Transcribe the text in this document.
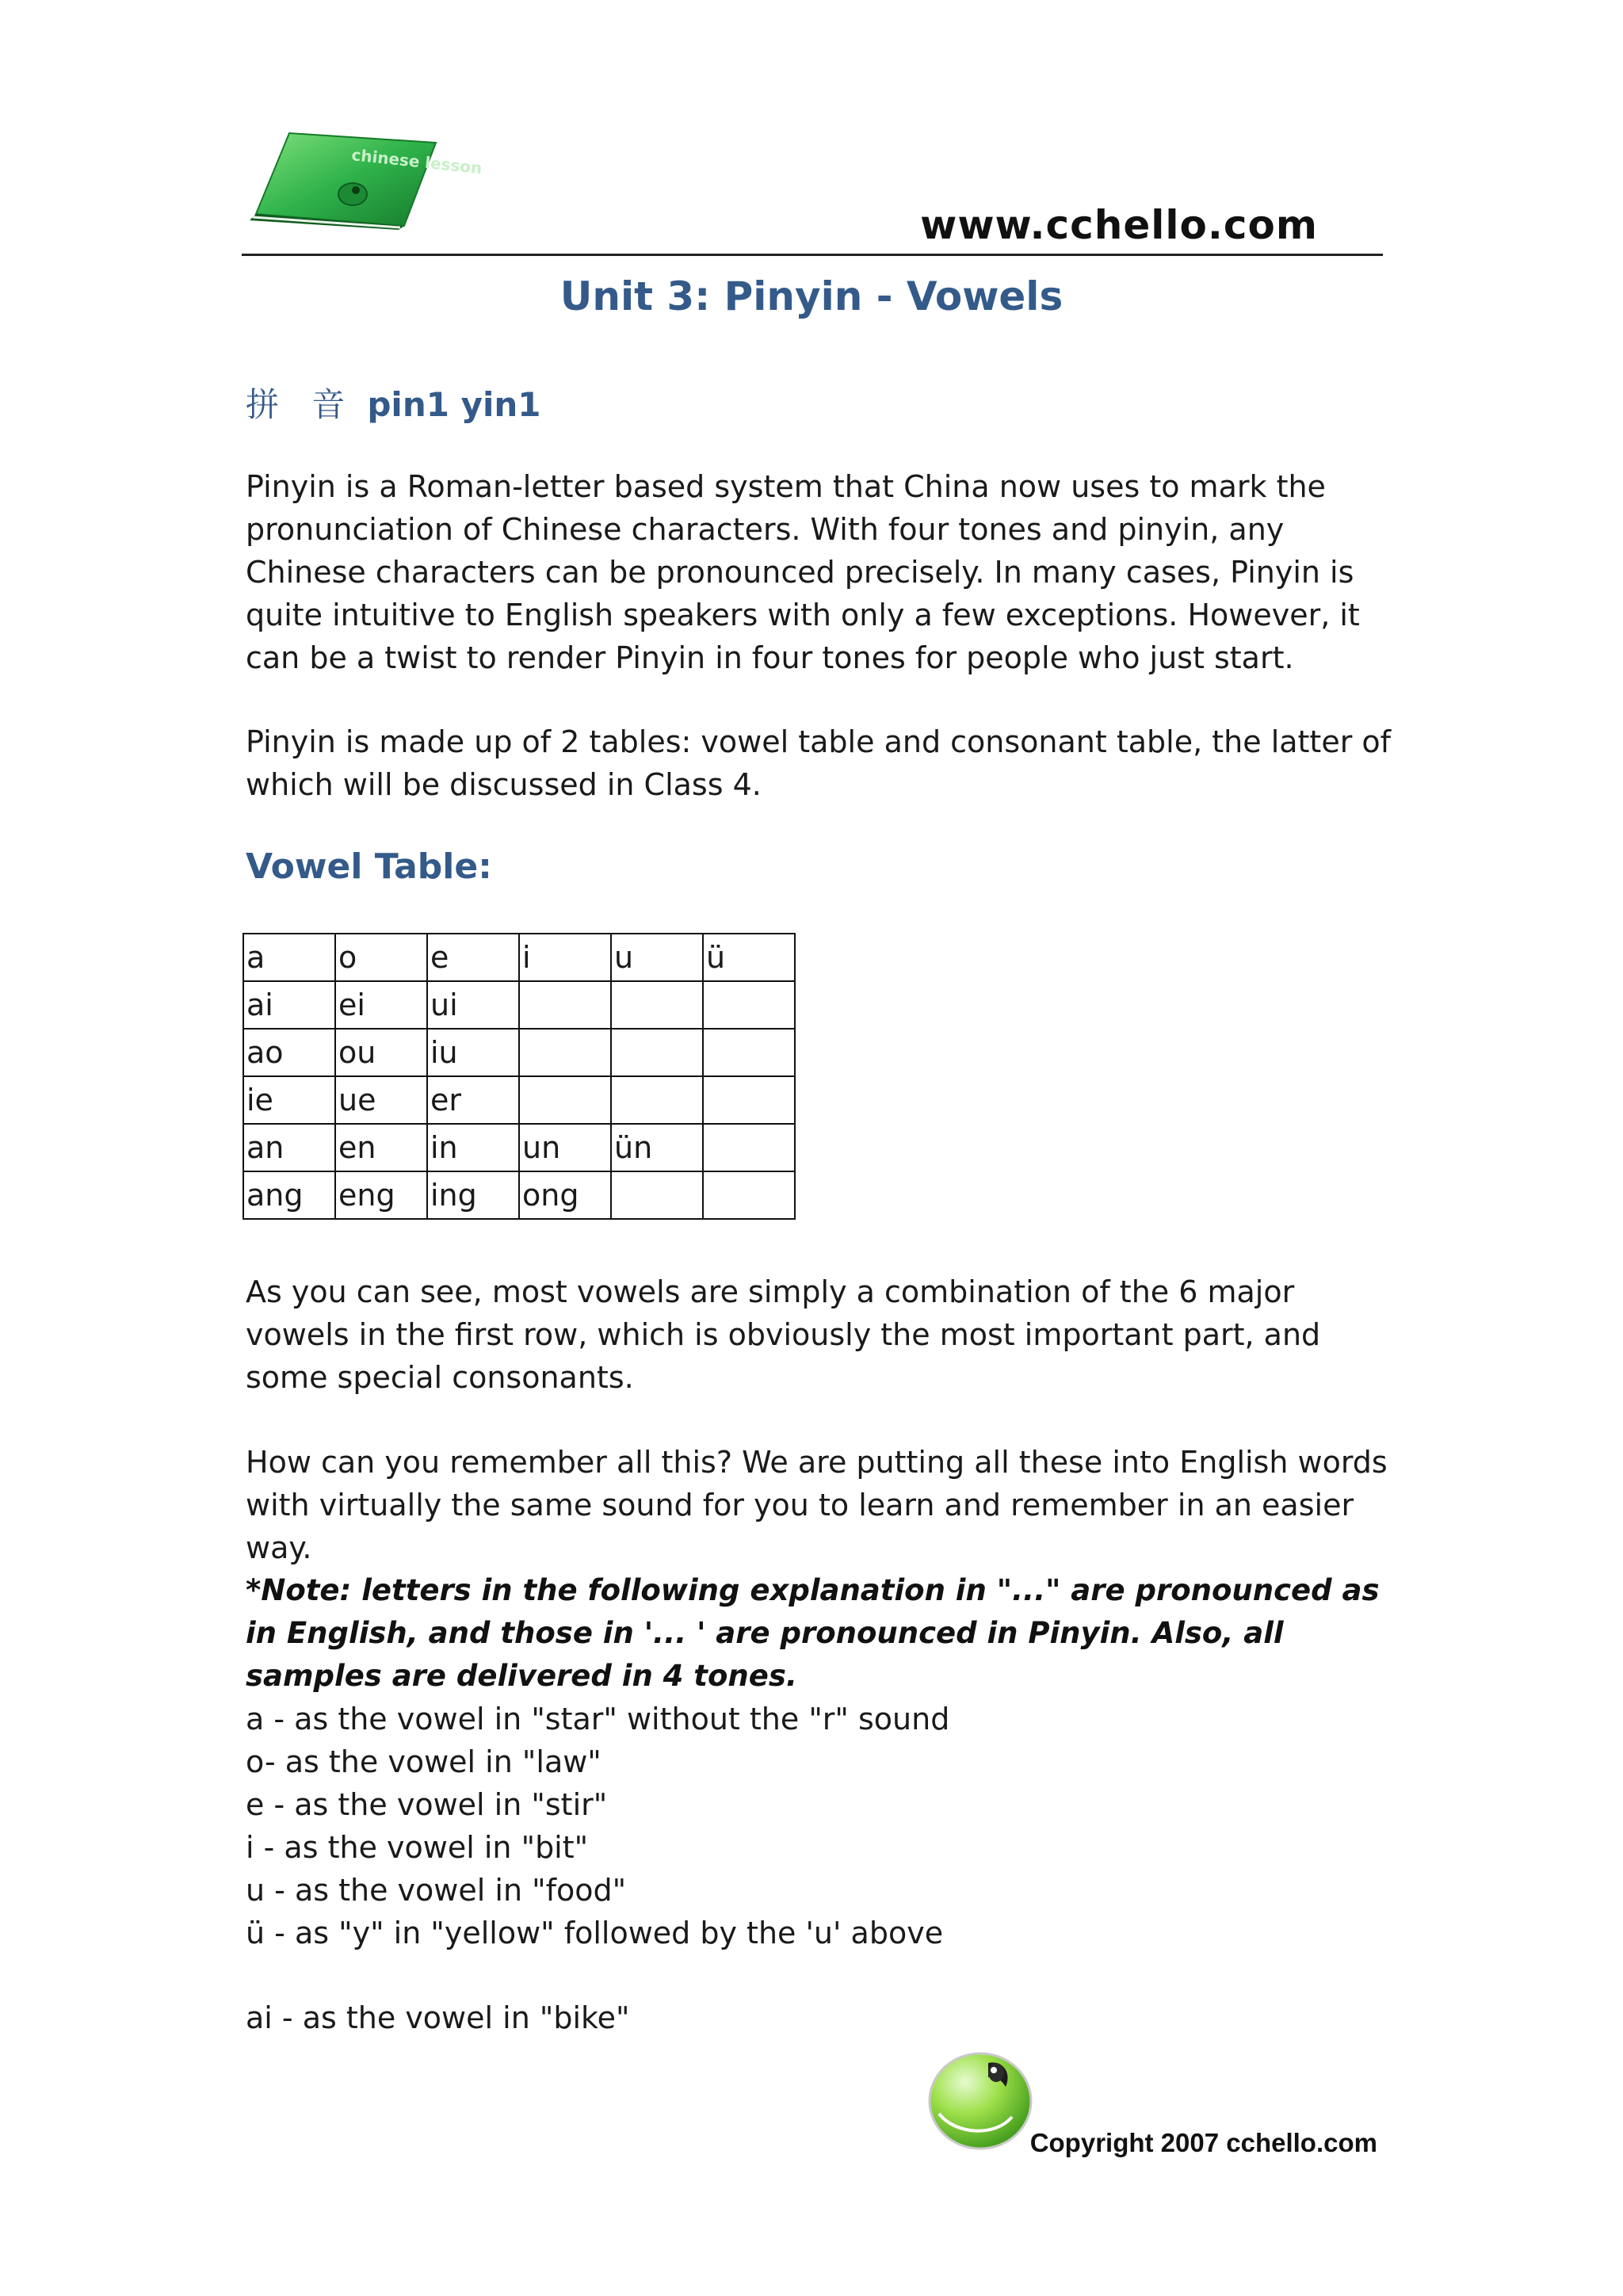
chinese lesson
www.cchello.com
Unit 3: Pinyin - Vowels
拼 音 pin1 yin1
Pinyin is a Roman-letter based system that China now uses to mark the pronunciation of Chinese characters. With four tones and pinyin, any Chinese characters can be pronounced precisely. In many cases, Pinyin is quite intuitive to English speakers with only a few exceptions. However, it can be a twist to render Pinyin in four tones for people who just start.
Pinyin is made up of 2 tables: vowel table and consonant table, the latter of which will be discussed in Class 4.
Vowel Table:
a	o	e	i	u	ü
ai	ei	ui			
ao	ou	iu			
ie	ue	er			
an	en	in	un	ün	
ang	eng	ing	ong		
As you can see, most vowels are simply a combination of the 6 major vowels in the first row, which is obviously the most important part, and some special consonants.
How can you remember all this? We are putting all these into English words with virtually the same sound for you to learn and remember in an easier way.
*Note: letters in the following explanation in "..." are pronounced as in English, and those in '... ' are pronounced in Pinyin. Also, all samples are delivered in 4 tones.
a - as the vowel in "star" without the "r" sound
o- as the vowel in "law"
e - as the vowel in "stir"
i - as the vowel in "bit"
u - as the vowel in "food"
ü - as "y" in "yellow" followed by the 'u' above
ai - as the vowel in "bike"
Copyright 2007 cchello.com
